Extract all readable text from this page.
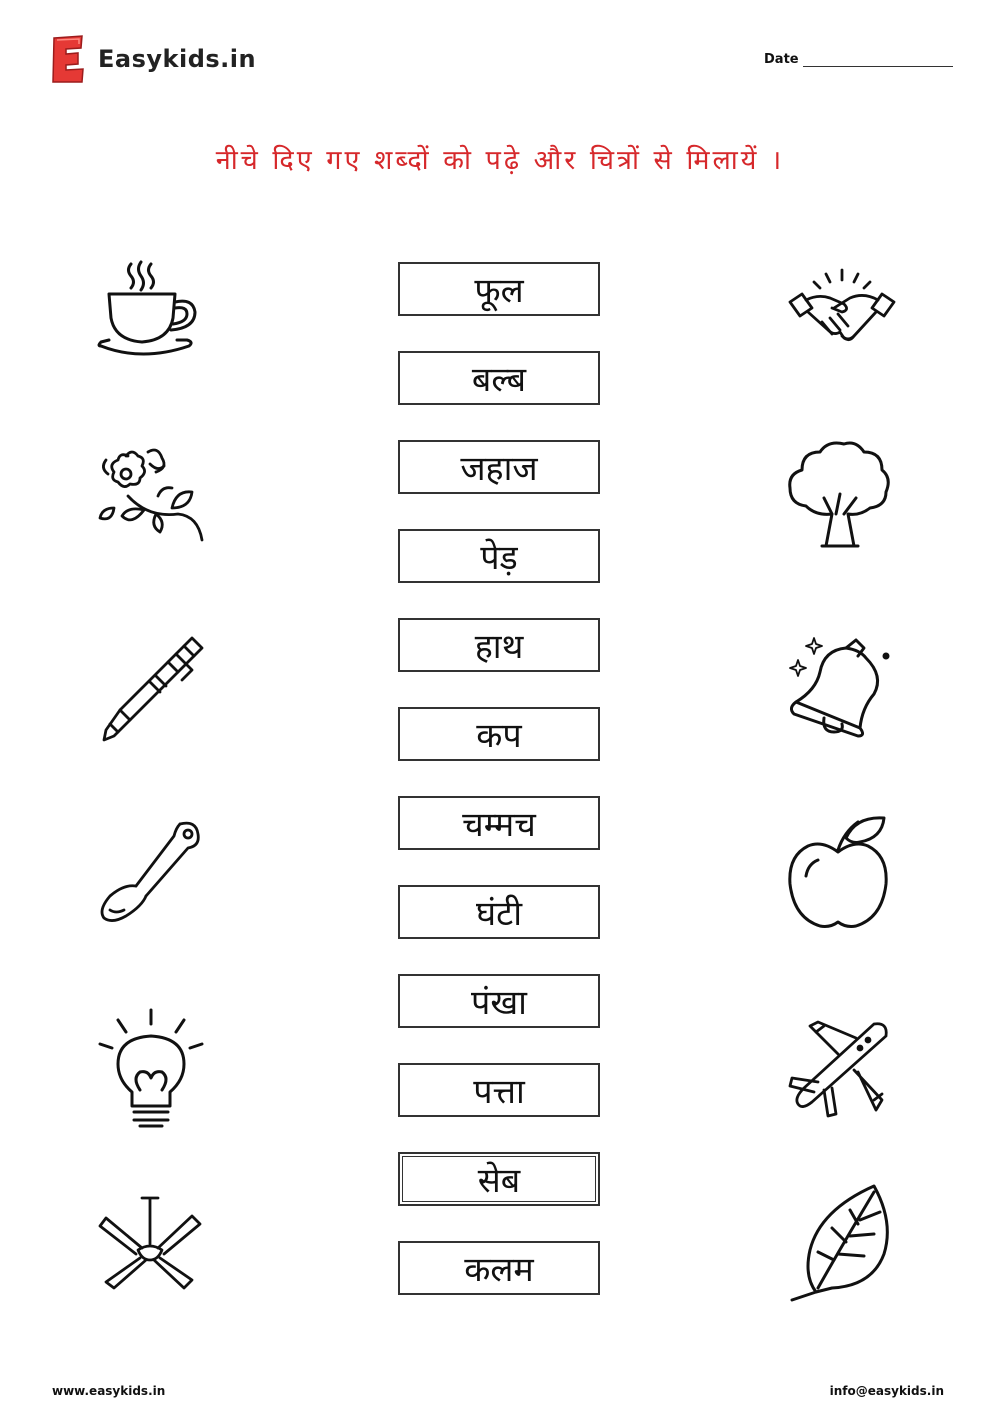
Easykids.in	Date
नीचे दिए गए शब्दों को पढ़े और चित्रों से मिलायें ।
फूल
बल्ब
जहाज
पेड़
हाथ
कप
चम्मच
घंटी
पंखा
पत्ता
सेब
कलम
www.easykids.in	info@easykids.in
